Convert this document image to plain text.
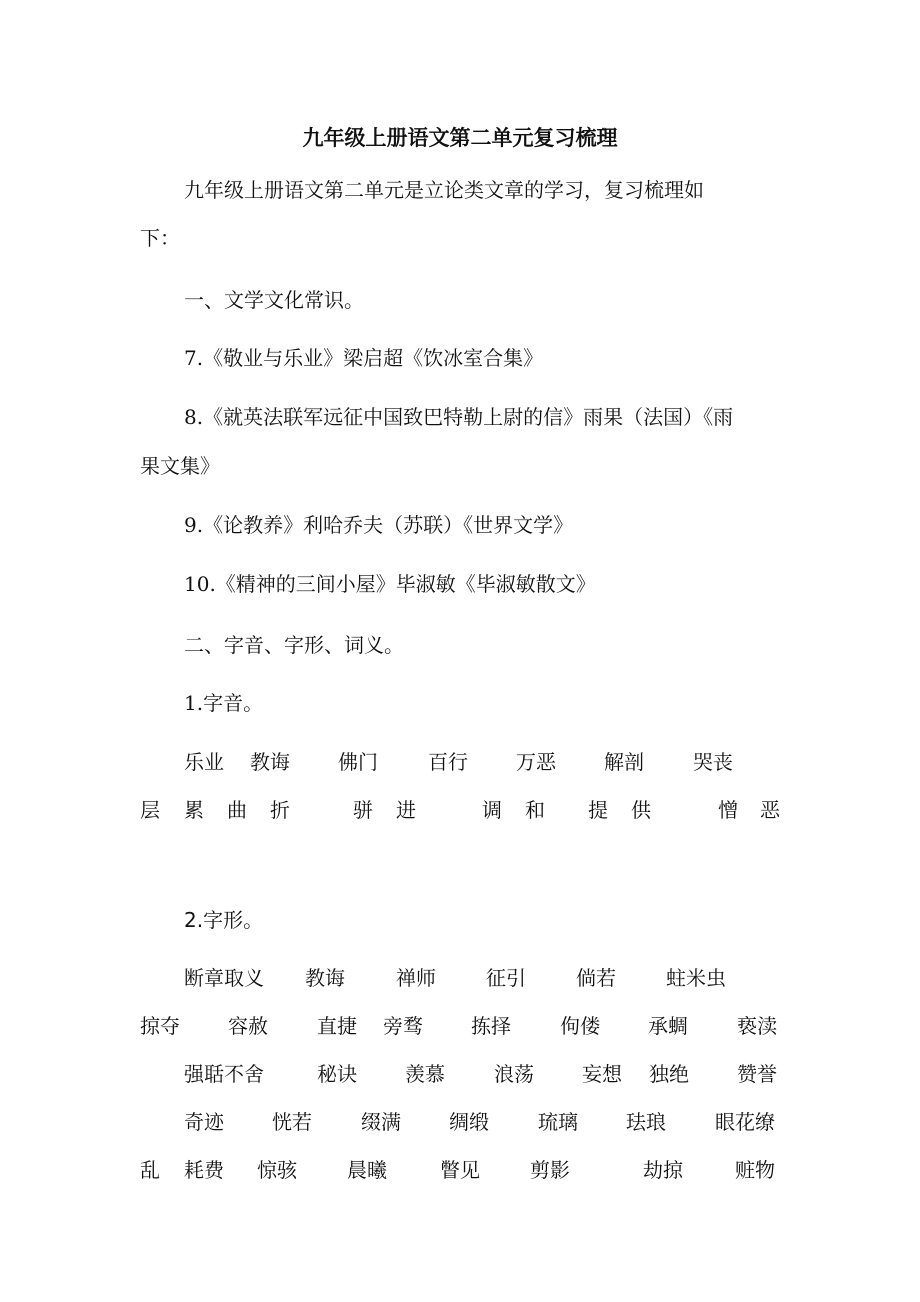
九年级上册语文第二单元复习梳理

九年级上册语文第二单元是立论类文章的学习，复习梳理如

下：

一、文学文化常识。

7.《敬业与乐业》梁启超《饮冰室合集》

8.《就英法联军远征中国致巴特勒上尉的信》雨果（法国）《雨

果文集》

9.《论教养》利哈乔夫（苏联）《世界文学》

10.《精神的三间小屋》毕淑敏《毕淑敏散文》

二、字音、字形、词义。

1.字音。

乐业 教诲 佛门	百行 万恶 解剖 哭丧
层 累 曲 折	骈 进	调 和 提 供	憎 恶

2.字形。

断章取义 教诲	禅师	征引	倘若	蛀米虫
掠夺 容赦 直捷 旁骛 拣择 佝偻 承蜩 亵渎
强聒不舍	秘诀 羡慕 浪荡 妄想 独绝 赞誉
奇迹 恍若 缀满 绸缎 琉璃 珐琅 眼花缭
乱 耗费 惊骇	晨曦	瞥见	剪影	劫掠	赃物
